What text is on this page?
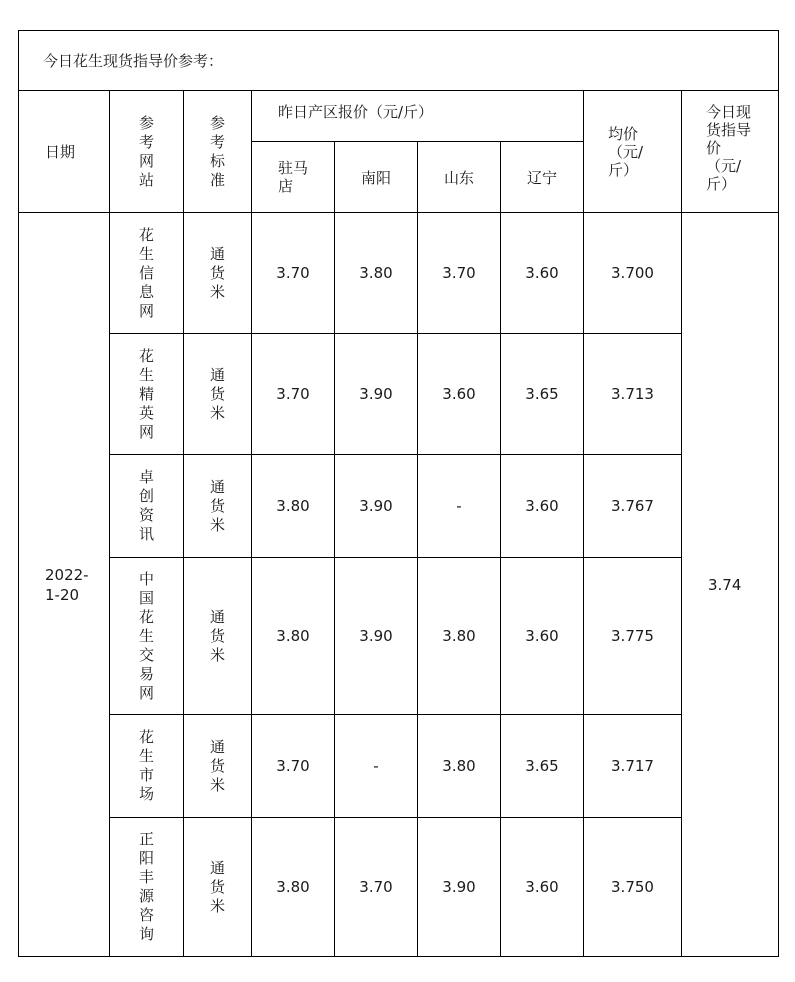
今日花生现货指导价参考：								
日期	参考网站	参考标准	昨日产区报价（元/斤）				均价（元/斤）	今日现货指导价（元/斤）
			驻马店	南阳	山东	辽宁		
2022-1-20	花生信息网	通货米	3.70	3.80	3.70	3.60	3.700	3.74
	花生精英网	通货米	3.70	3.90	3.60	3.65	3.713	
	卓创资讯	通货米	3.80	3.90	-	3.60	3.767	
	中国花生交易网	通货米	3.80	3.90	3.80	3.60	3.775	
	花生市场	通货米	3.70	-	3.80	3.65	3.717	
	正阳丰源咨询	通货米	3.80	3.70	3.90	3.60	3.750	
